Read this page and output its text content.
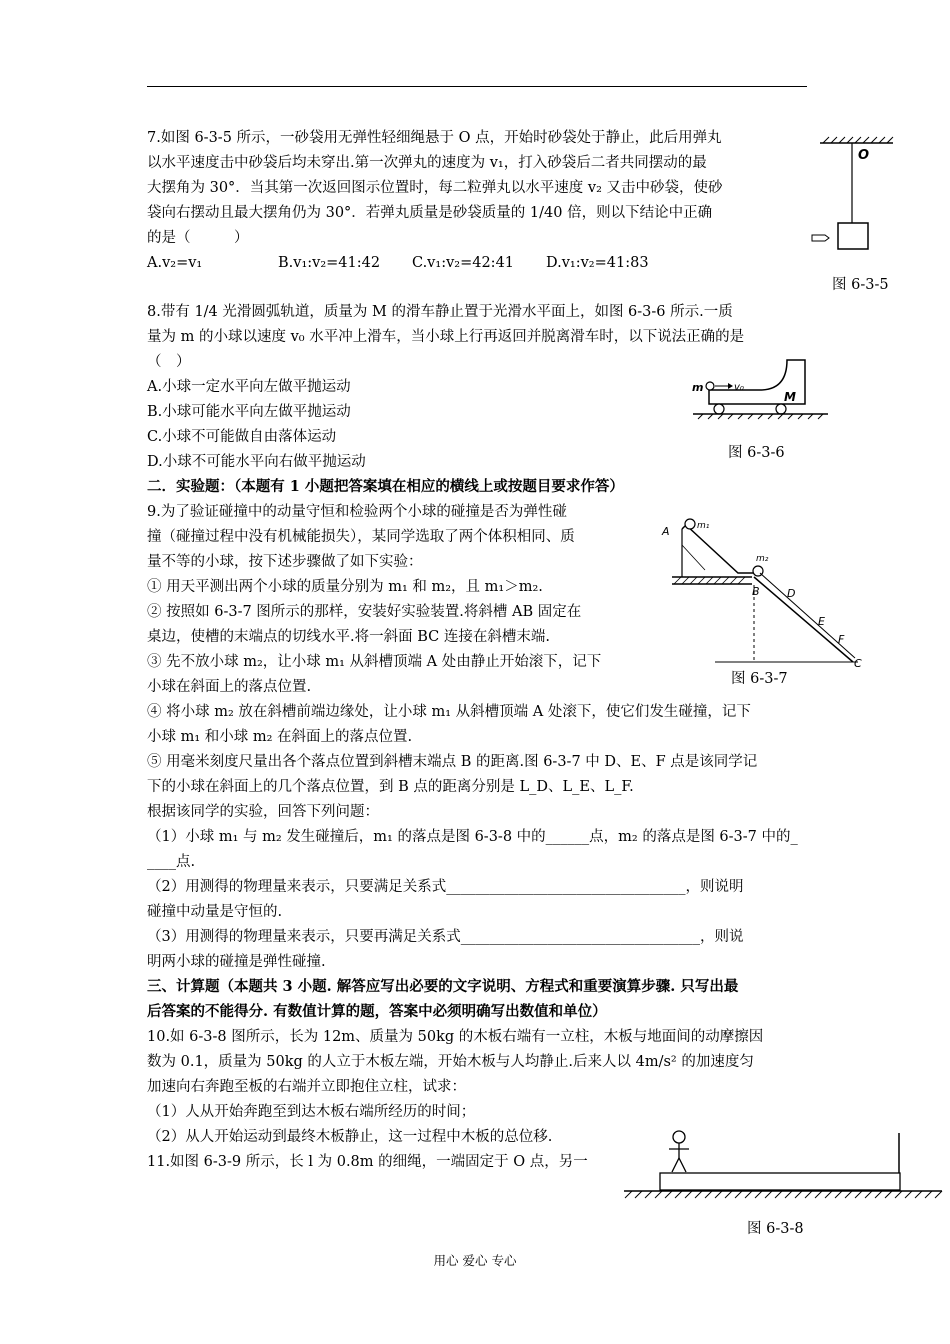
7.如图 6-3-5 所示，一砂袋用无弹性轻细绳悬于 O 点，开始时砂袋处于静止，此后用弹丸
以水平速度击中砂袋后均未穿出.第一次弹丸的速度为 v₁，打入砂袋后二者共同摆动的最
大摆角为 30°．当其第一次返回图示位置时，每二粒弹丸以水平速度 v₂ 又击中砂袋，使砂
袋向右摆动且最大摆角仍为 30°．若弹丸质量是砂袋质量的 1/40 倍，则以下结论中正确
的是（　　　）
A.v₂=v₁	B.v₁:v₂=41:42 C.v₁:v₂=42:41 D.v₁:v₂=41:83
O
图 6-3-5
8.带有 1/4 光滑圆弧轨道，质量为 M 的滑车静止置于光滑水平面上，如图 6-3-6 所示.一质
量为 m 的小球以速度 v₀ 水平冲上滑车，当小球上行再返回并脱离滑车时，以下说法正确的是
（　）
A.小球一定水平向左做平抛运动
B.小球可能水平向左做平抛运动
C.小球不可能做自由落体运动
D.小球不可能水平向右做平抛运动
m	v₀
M
图 6-3-6
二．实验题：（本题有 1 小题把答案填在相应的横线上或按题目要求作答）
9.为了验证碰撞中的动量守恒和检验两个小球的碰撞是否为弹性碰
撞（碰撞过程中没有机械能损失），某同学选取了两个体积相同、质
量不等的小球，按下述步骤做了如下实验：
① 用天平测出两个小球的质量分别为 m₁ 和 m₂，且 m₁＞m₂.
② 按照如 6-3-7 图所示的那样，安装好实验装置.将斜槽 AB 固定在
桌边，使槽的末端点的切线水平.将一斜面 BC 连接在斜槽末端.
③ 先不放小球 m₂，让小球 m₁ 从斜槽顶端 A 处由静止开始滚下，记下
小球在斜面上的落点位置.
④ 将小球 m₂ 放在斜槽前端边缘处，让小球 m₁ 从斜槽顶端 A 处滚下，使它们发生碰撞，记下
小球 m₁ 和小球 m₂ 在斜面上的落点位置.
⑤ 用毫米刻度尺量出各个落点位置到斜槽末端点 B 的距离.图 6-3-7 中 D、E、F 点是该同学记
下的小球在斜面上的几个落点位置，到 B 点的距离分别是 L_D、L_E、L_F.
根据该同学的实验，回答下列问题：
（1）小球 m₁ 与 m₂ 发生碰撞后，m₁ 的落点是图 6-3-8 中的______点，m₂ 的落点是图 6-3-7 中的_
____点.
（2）用测得的物理量来表示，只要满足关系式_________________________________，则说明
碰撞中动量是守恒的.
（3）用测得的物理量来表示，只要再满足关系式_________________________________，则说
明两小球的碰撞是弹性碰撞.
A	m₁
m₂
B D
E
F
C
图 6-3-7
三、计算题（本题共 3 小题. 解答应写出必要的文字说明、方程式和重要演算步骤. 只写出最
后答案的不能得分. 有数值计算的题，答案中必须明确写出数值和单位）
10.如 6-3-8 图所示，长为 12m、质量为 50kg 的木板右端有一立柱，木板与地面间的动摩擦因
数为 0.1，质量为 50kg 的人立于木板左端，开始木板与人均静止.后来人以 4m/s² 的加速度匀
加速向右奔跑至板的右端并立即抱住立柱，试求：
（1）人从开始奔跑至到达木板右端所经历的时间；
（2）从人开始运动到最终木板静止，这一过程中木板的总位移.
11.如图 6-3-9 所示，长 l 为 0.8m 的细绳，一端固定于 O 点，另一
图 6-3-8
用心 爱心 专心
